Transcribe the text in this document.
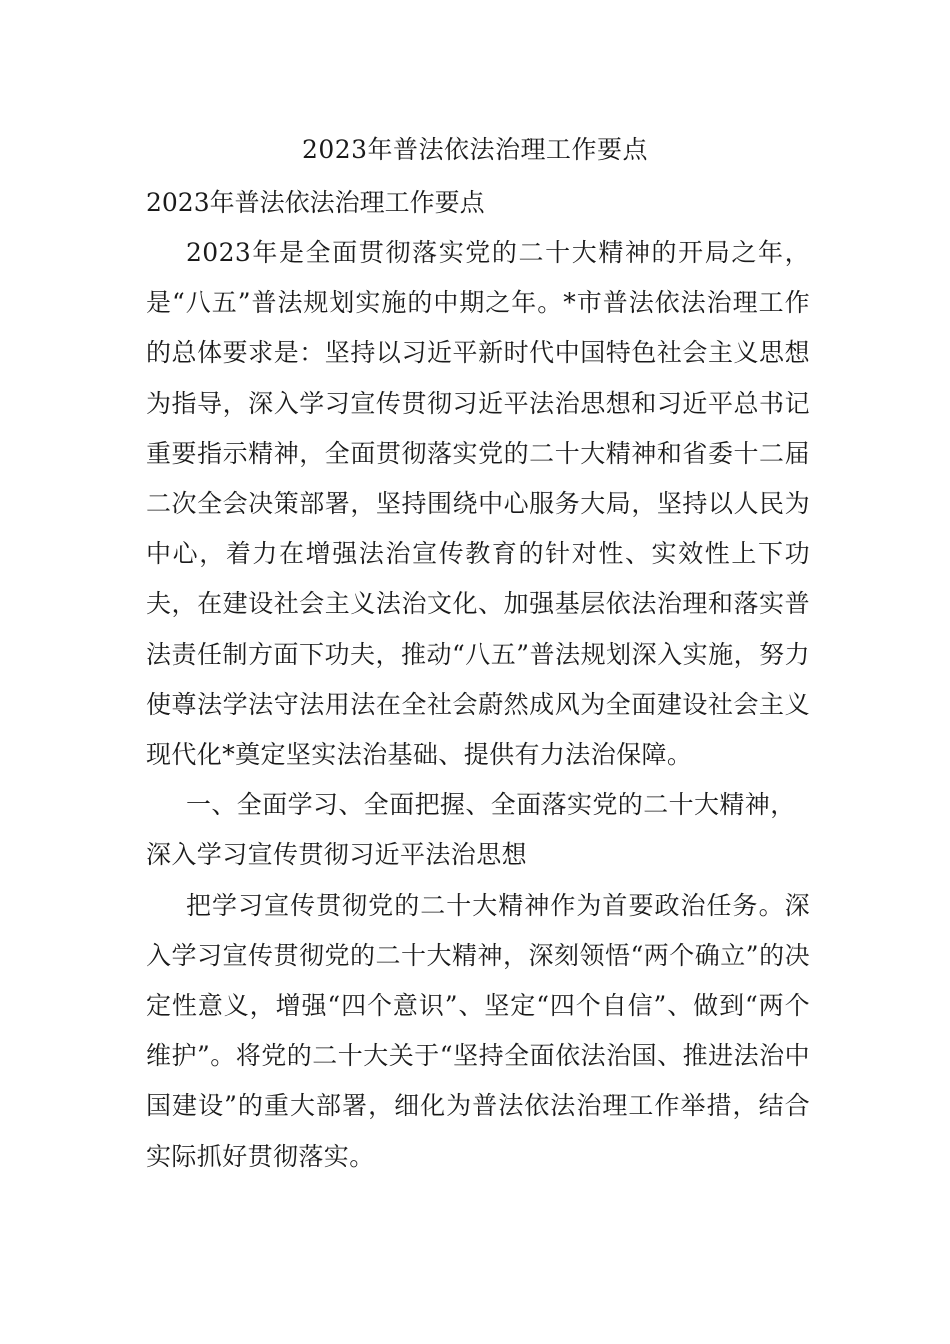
2023年普法依法治理工作要点
2023年普法依法治理工作要点

2023年是全面贯彻落实党的二十大精神的开局之年，是“八五”普法规划实施的中期之年。*市普法依法治理工作的总体要求是：坚持以习近平新时代中国特色社会主义思想为指导，深入学习宣传贯彻习近平法治思想和习近平总书记重要指示精神，全面贯彻落实党的二十大精神和省委十二届二次全会决策部署，坚持围绕中心服务大局，坚持以人民为中心，着力在增强法治宣传教育的针对性、实效性上下功夫，在建设社会主义法治文化、加强基层依法治理和落实普法责任制方面下功夫，推动“八五”普法规划深入实施，努力使尊法学法守法用法在全社会蔚然成风为全面建设社会主义现代化*奠定坚实法治基础、提供有力法治保障。

一、全面学习、全面把握、全面落实党的二十大精神，深入学习宣传贯彻习近平法治思想

把学习宣传贯彻党的二十大精神作为首要政治任务。深入学习宣传贯彻党的二十大精神，深刻领悟“两个确立”的决定性意义，增强“四个意识”、坚定“四个自信”、做到“两个维护”。将党的二十大关于“坚持全面依法治国、推进法治中国建设”的重大部署，细化为普法依法治理工作举措，结合实际抓好贯彻落实。
